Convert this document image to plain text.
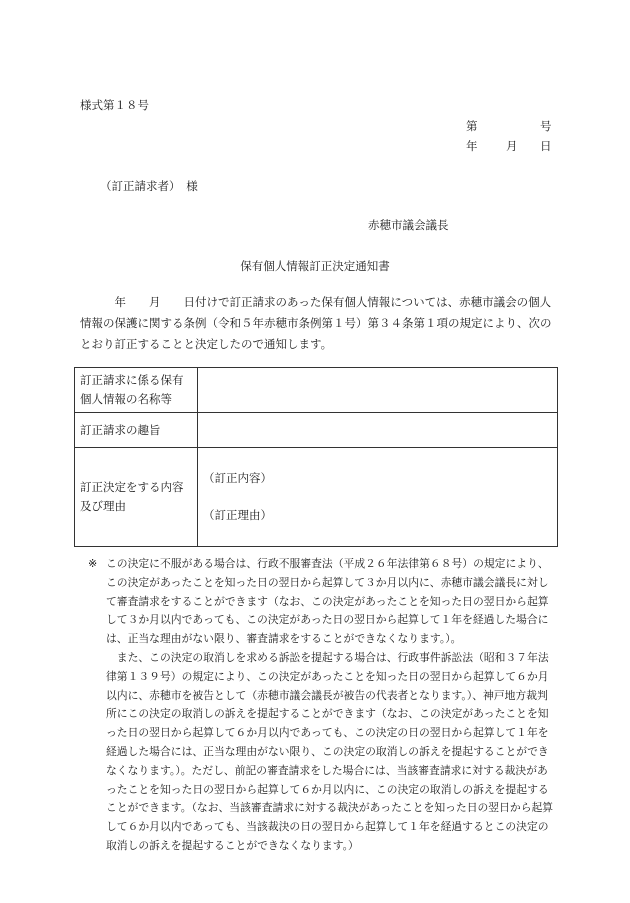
様式第１８号
第	号
年 月 日
（訂正請求者）　様
赤穂市議会議長
保有個人情報訂正決定通知書

　　　年　　月　　日付けで訂正請求のあった保有個人情報については、赤穂市議会の個人情報の保護に関する条例（令和５年赤穂市条例第１号）第３４条第１項の規定により、次のとおり訂正することと決定したので通知します。

訂正請求に係る保有個人情報の名称等	
訂正請求の趣旨	
訂正決定をする内容及び理由	（訂正内容）
（訂正理由）
※ この決定に不服がある場合は、行政不服審査法（平成２６年法律第６８号）の規定により、この決定があったことを知った日の翌日から起算して３か月以内に、赤穂市議会議長に対して審査請求をすることができます（なお、この決定があったことを知った日の翌日から起算して３か月以内であっても、この決定があった日の翌日から起算して１年を経過した場合には、正当な理由がない限り、審査請求をすることができなくなります。）。

また、この決定の取消しを求める訴訟を提起する場合は、行政事件訴訟法（昭和３７年法律第１３９号）の規定により、この決定があったことを知った日の翌日から起算して６か月以内に、赤穂市を被告として（赤穂市議会議長が被告の代表者となります。）、神戸地方裁判所にこの決定の取消しの訴えを提起することができます（なお、この決定があったことを知った日の翌日から起算して６か月以内であっても、この決定の日の翌日から起算して１年を経過した場合には、正当な理由がない限り、この決定の取消しの訴えを提起することができなくなります。）。ただし、前記の審査請求をした場合には、当該審査請求に対する裁決があったことを知った日の翌日から起算して６か月以内に、この決定の取消しの訴えを提起することができます。（なお、当該審査請求に対する裁決があったことを知った日の翌日から起算して６か月以内であっても、当該裁決の日の翌日から起算して１年を経過するとこの決定の取消しの訴えを提起することができなくなります。）
